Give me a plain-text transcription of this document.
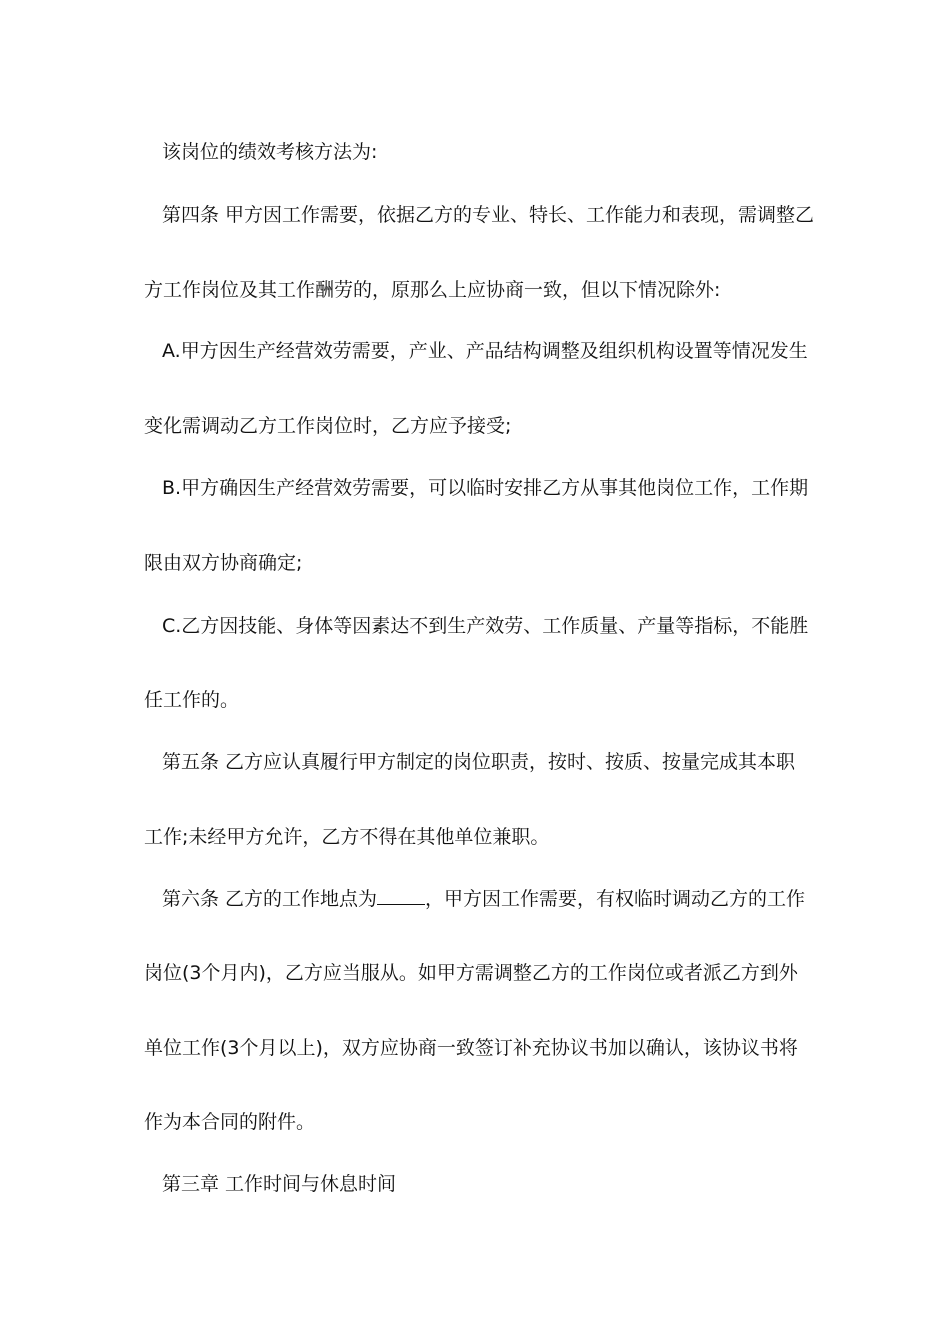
该岗位的绩效考核方法为:
第四条 甲方因工作需要，依据乙方的专业、特长、工作能力和表现，需调整乙
方工作岗位及其工作酬劳的，原那么上应协商一致，但以下情况除外:
A.甲方因生产经营效劳需要，产业、产品结构调整及组织机构设置等情况发生
变化需调动乙方工作岗位时，乙方应予接受;
B.甲方确因生产经营效劳需要，可以临时安排乙方从事其他岗位工作，工作期
限由双方协商确定;
C.乙方因技能、身体等因素达不到生产效劳、工作质量、产量等指标，不能胜
任工作的。
第五条 乙方应认真履行甲方制定的岗位职责，按时、按质、按量完成其本职
工作;未经甲方允许，乙方不得在其他单位兼职。
第六条 乙方的工作地点为	，甲方因工作需要，有权临时调动乙方的工作
岗位(3个月内)，乙方应当服从。如甲方需调整乙方的工作岗位或者派乙方到外
单位工作(3个月以上)，双方应协商一致签订补充协议书加以确认，该协议书将
作为本合同的附件。
第三章 工作时间与休息时间
